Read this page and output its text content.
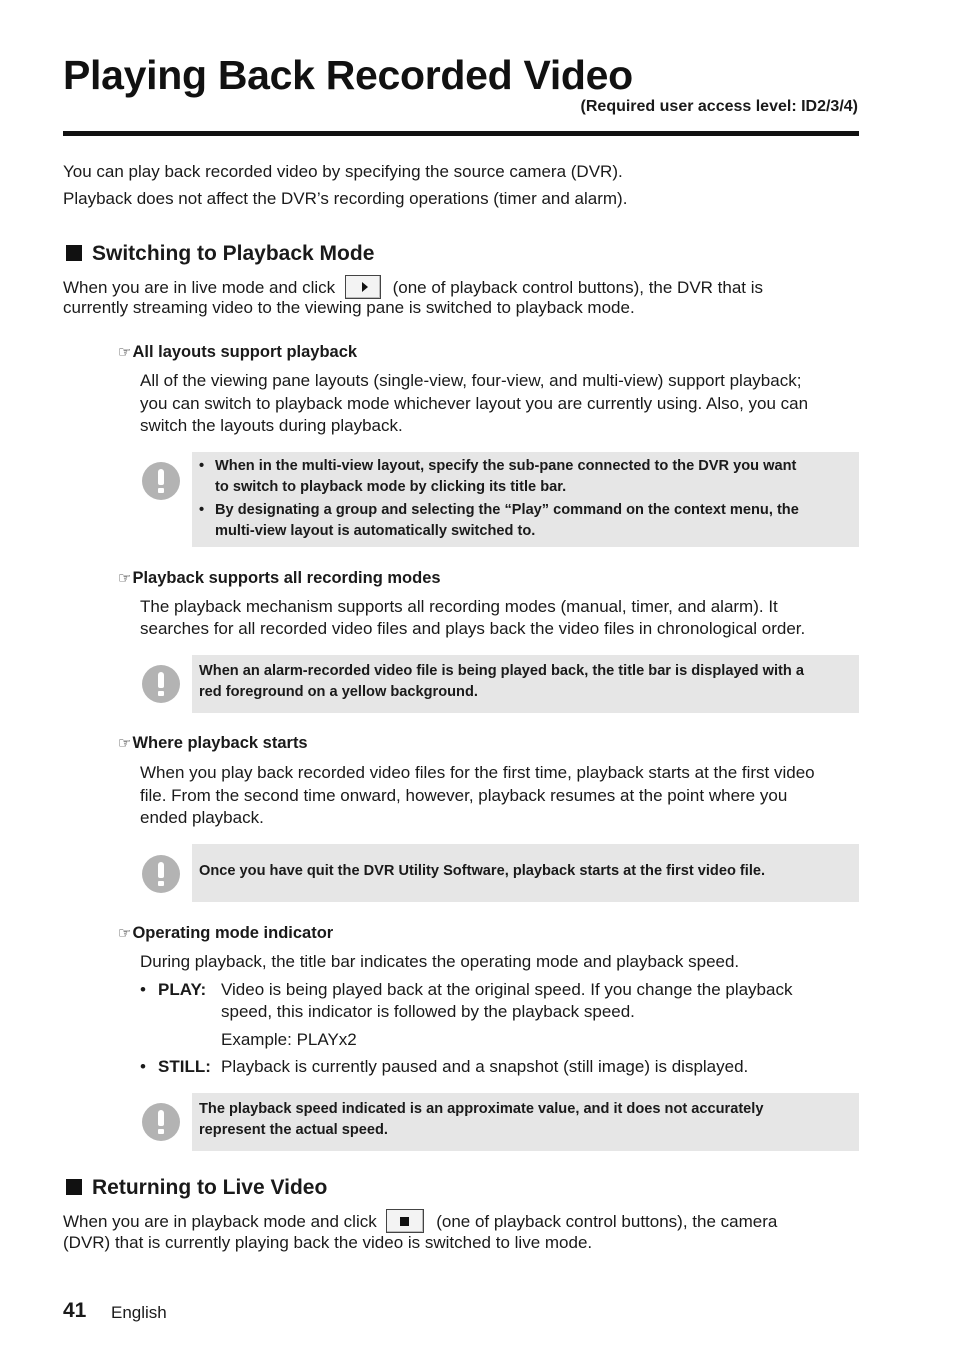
Playing Back Recorded Video
(Required user access level: ID2/3/4)
You can play back recorded video by specifying the source camera (DVR).
Playback does not affect the DVR’s recording operations (timer and alarm).
Switching to Playback Mode
When you are in live mode and click	(one of playback control buttons), the DVR that is
currently streaming video to the viewing pane is switched to playback mode.
☞All layouts support playback
All of the viewing pane layouts (single-view, four-view, and multi-view) support playback;
you can switch to playback mode whichever layout you are currently using. Also, you can
switch the layouts during playback.
• When in the multi-view layout, specify the sub-pane connected to the DVR you want
to switch to playback mode by clicking its title bar.
• By designating a group and selecting the “Play” command on the context menu, the
multi-view layout is automatically switched to.
☞Playback supports all recording modes
The playback mechanism supports all recording modes (manual, timer, and alarm). It
searches for all recorded video files and plays back the video files in chronological order.
When an alarm-recorded video file is being played back, the title bar is displayed with a
red foreground on a yellow background.
☞Where playback starts
When you play back recorded video files for the first time, playback starts at the first video
file. From the second time onward, however, playback resumes at the point where you
ended playback.
Once you have quit the DVR Utility Software, playback starts at the first video file.
☞Operating mode indicator
During playback, the title bar indicates the operating mode and playback speed.
• PLAY: Video is being played back at the original speed. If you change the playback
speed, this indicator is followed by the playback speed.
Example: PLAYx2
• STILL: Playback is currently paused and a snapshot (still image) is displayed.
The playback speed indicated is an approximate value, and it does not accurately
represent the actual speed.
Returning to Live Video
When you are in playback mode and click	(one of playback control buttons), the camera
(DVR) that is currently playing back the video is switched to live mode.
41 English
